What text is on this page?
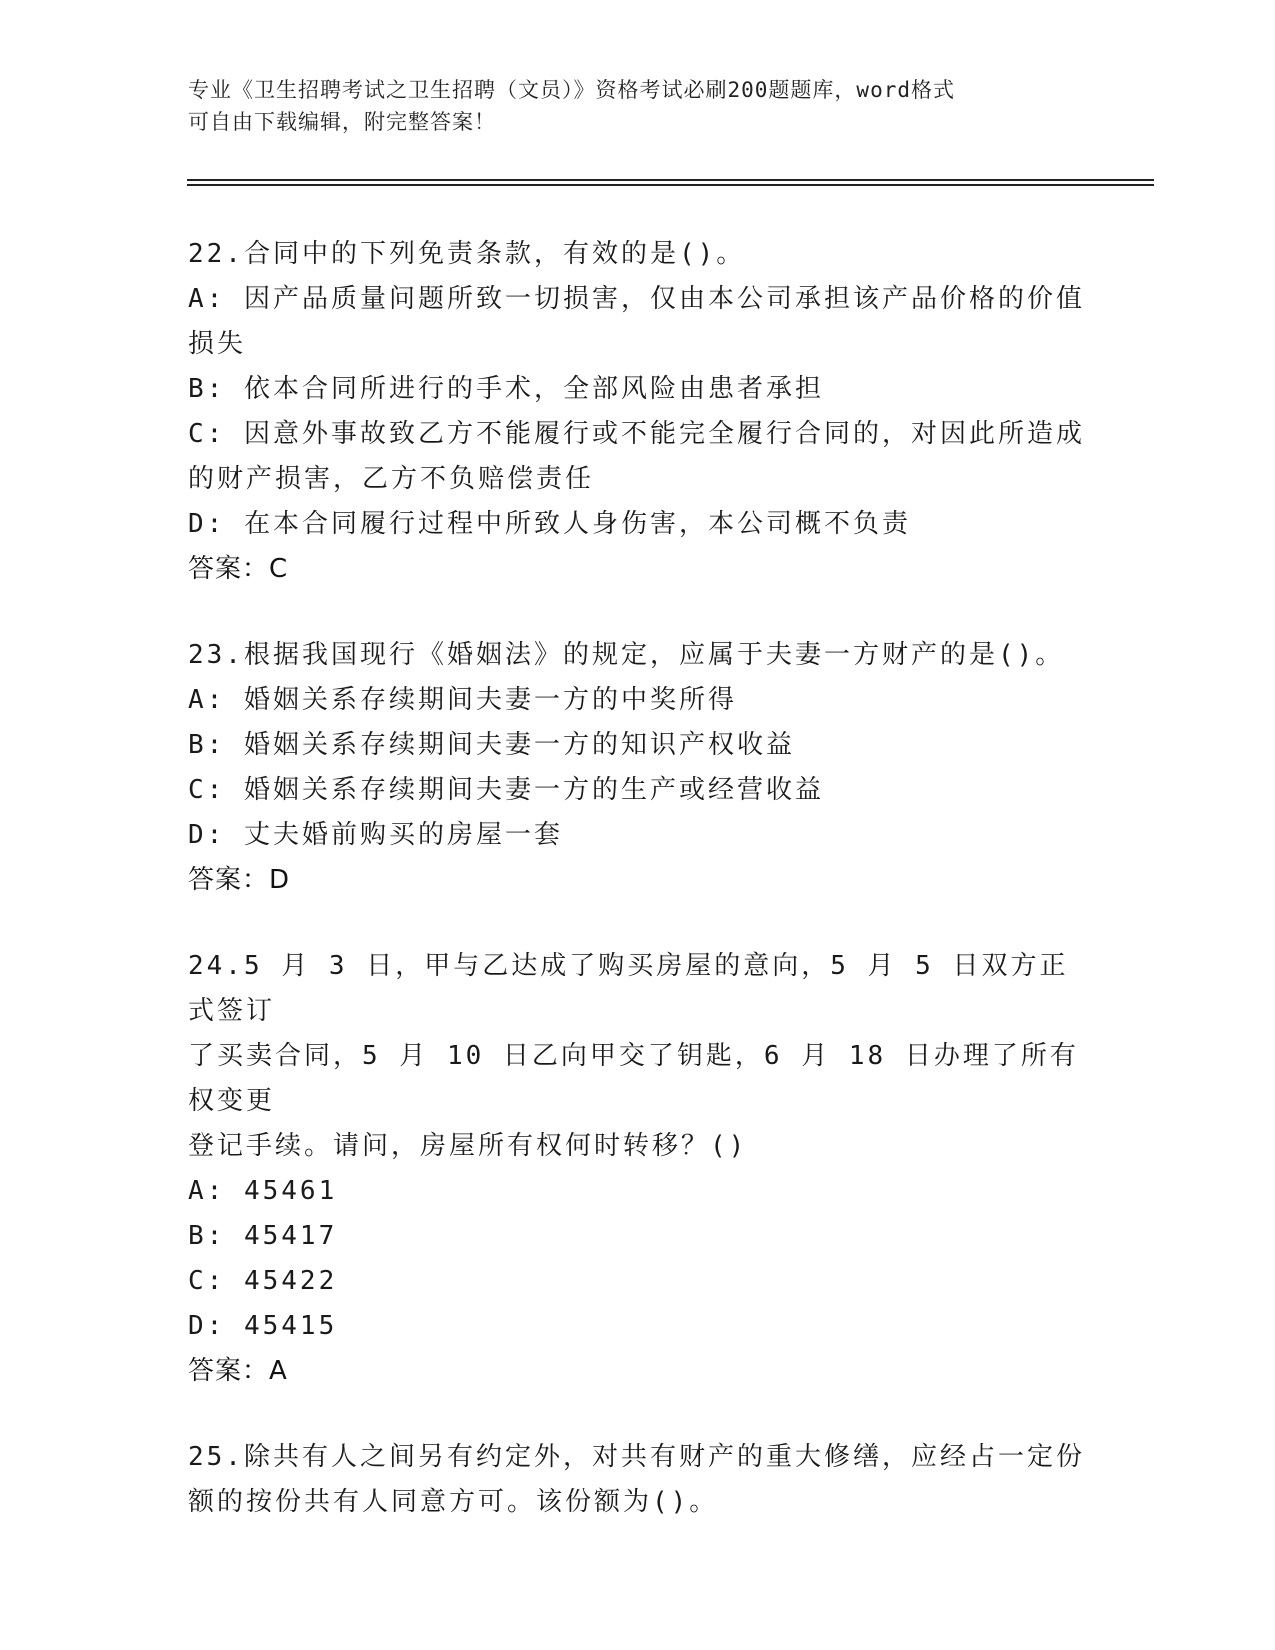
专业《卫生招聘考试之卫生招聘（文员）》资格考试必刷200题题库，word格式
可自由下载编辑，附完整答案！
22.合同中的下列免责条款，有效的是()。
A: 因产品质量问题所致一切损害，仅由本公司承担该产品价格的价值
损失
B: 依本合同所进行的手术，全部风险由患者承担
C: 因意外事故致乙方不能履行或不能完全履行合同的，对因此所造成
的财产损害，乙方不负赔偿责任
D: 在本合同履行过程中所致人身伤害，本公司概不负责
答案：C
23.根据我国现行《婚姻法》的规定，应属于夫妻一方财产的是()。
A: 婚姻关系存续期间夫妻一方的中奖所得
B: 婚姻关系存续期间夫妻一方的知识产权收益
C: 婚姻关系存续期间夫妻一方的生产或经营收益
D: 丈夫婚前购买的房屋一套
答案：D
24.5 月 3 日，甲与乙达成了购买房屋的意向，5 月 5 日双方正式签订
了买卖合同，5 月 10 日乙向甲交了钥匙，6 月 18 日办理了所有权变更
登记手续。请问，房屋所有权何时转移？()
A: 45461
B: 45417
C: 45422
D: 45415
答案：A
25.除共有人之间另有约定外，对共有财产的重大修缮，应经占一定份
额的按份共有人同意方可。该份额为()。
